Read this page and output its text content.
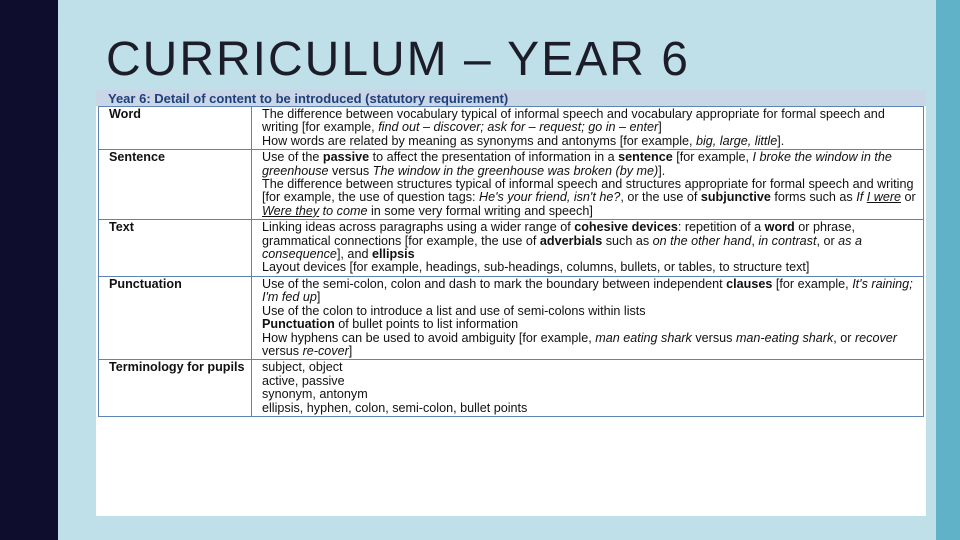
CURRICULUM – YEAR 6
Year 6: Detail of content to be introduced (statutory requirement)
Word	The difference between vocabulary typical of informal speech and vocabulary appropriate for formal speech and writing [for example, find out – discover; ask for – request; go in – enter]

How words are related by meaning as synonyms and antonyms [for example, big, large, little].

Sentence	Use of the passive to affect the presentation of information in a sentence [for example, I broke the window in the greenhouse versus The window in the greenhouse was broken (by me)].

The difference between structures typical of informal speech and structures appropriate for formal speech and writing [for example, the use of question tags: He's your friend, isn't he?, or the use of subjunctive forms such as If I were or Were they to come in some very formal writing and speech]

Text	Linking ideas across paragraphs using a wider range of cohesive devices: repetition of a word or phrase, grammatical connections [for example, the use of adverbials such as on the other hand, in contrast, or as a consequence], and ellipsis

Layout devices [for example, headings, sub-headings, columns, bullets, or tables, to structure text]

Punctuation	Use of the semi-colon, colon and dash to mark the boundary between independent clauses [for example, It's raining; I'm fed up]

Use of the colon to introduce a list and use of semi-colons within lists

Punctuation of bullet points to list information

How hyphens can be used to avoid ambiguity [for example, man eating shark versus man-eating shark, or recover versus re-cover]

Terminology for pupils	subject, object

active, passive

synonym, antonym

ellipsis, hyphen, colon, semi-colon, bullet points
